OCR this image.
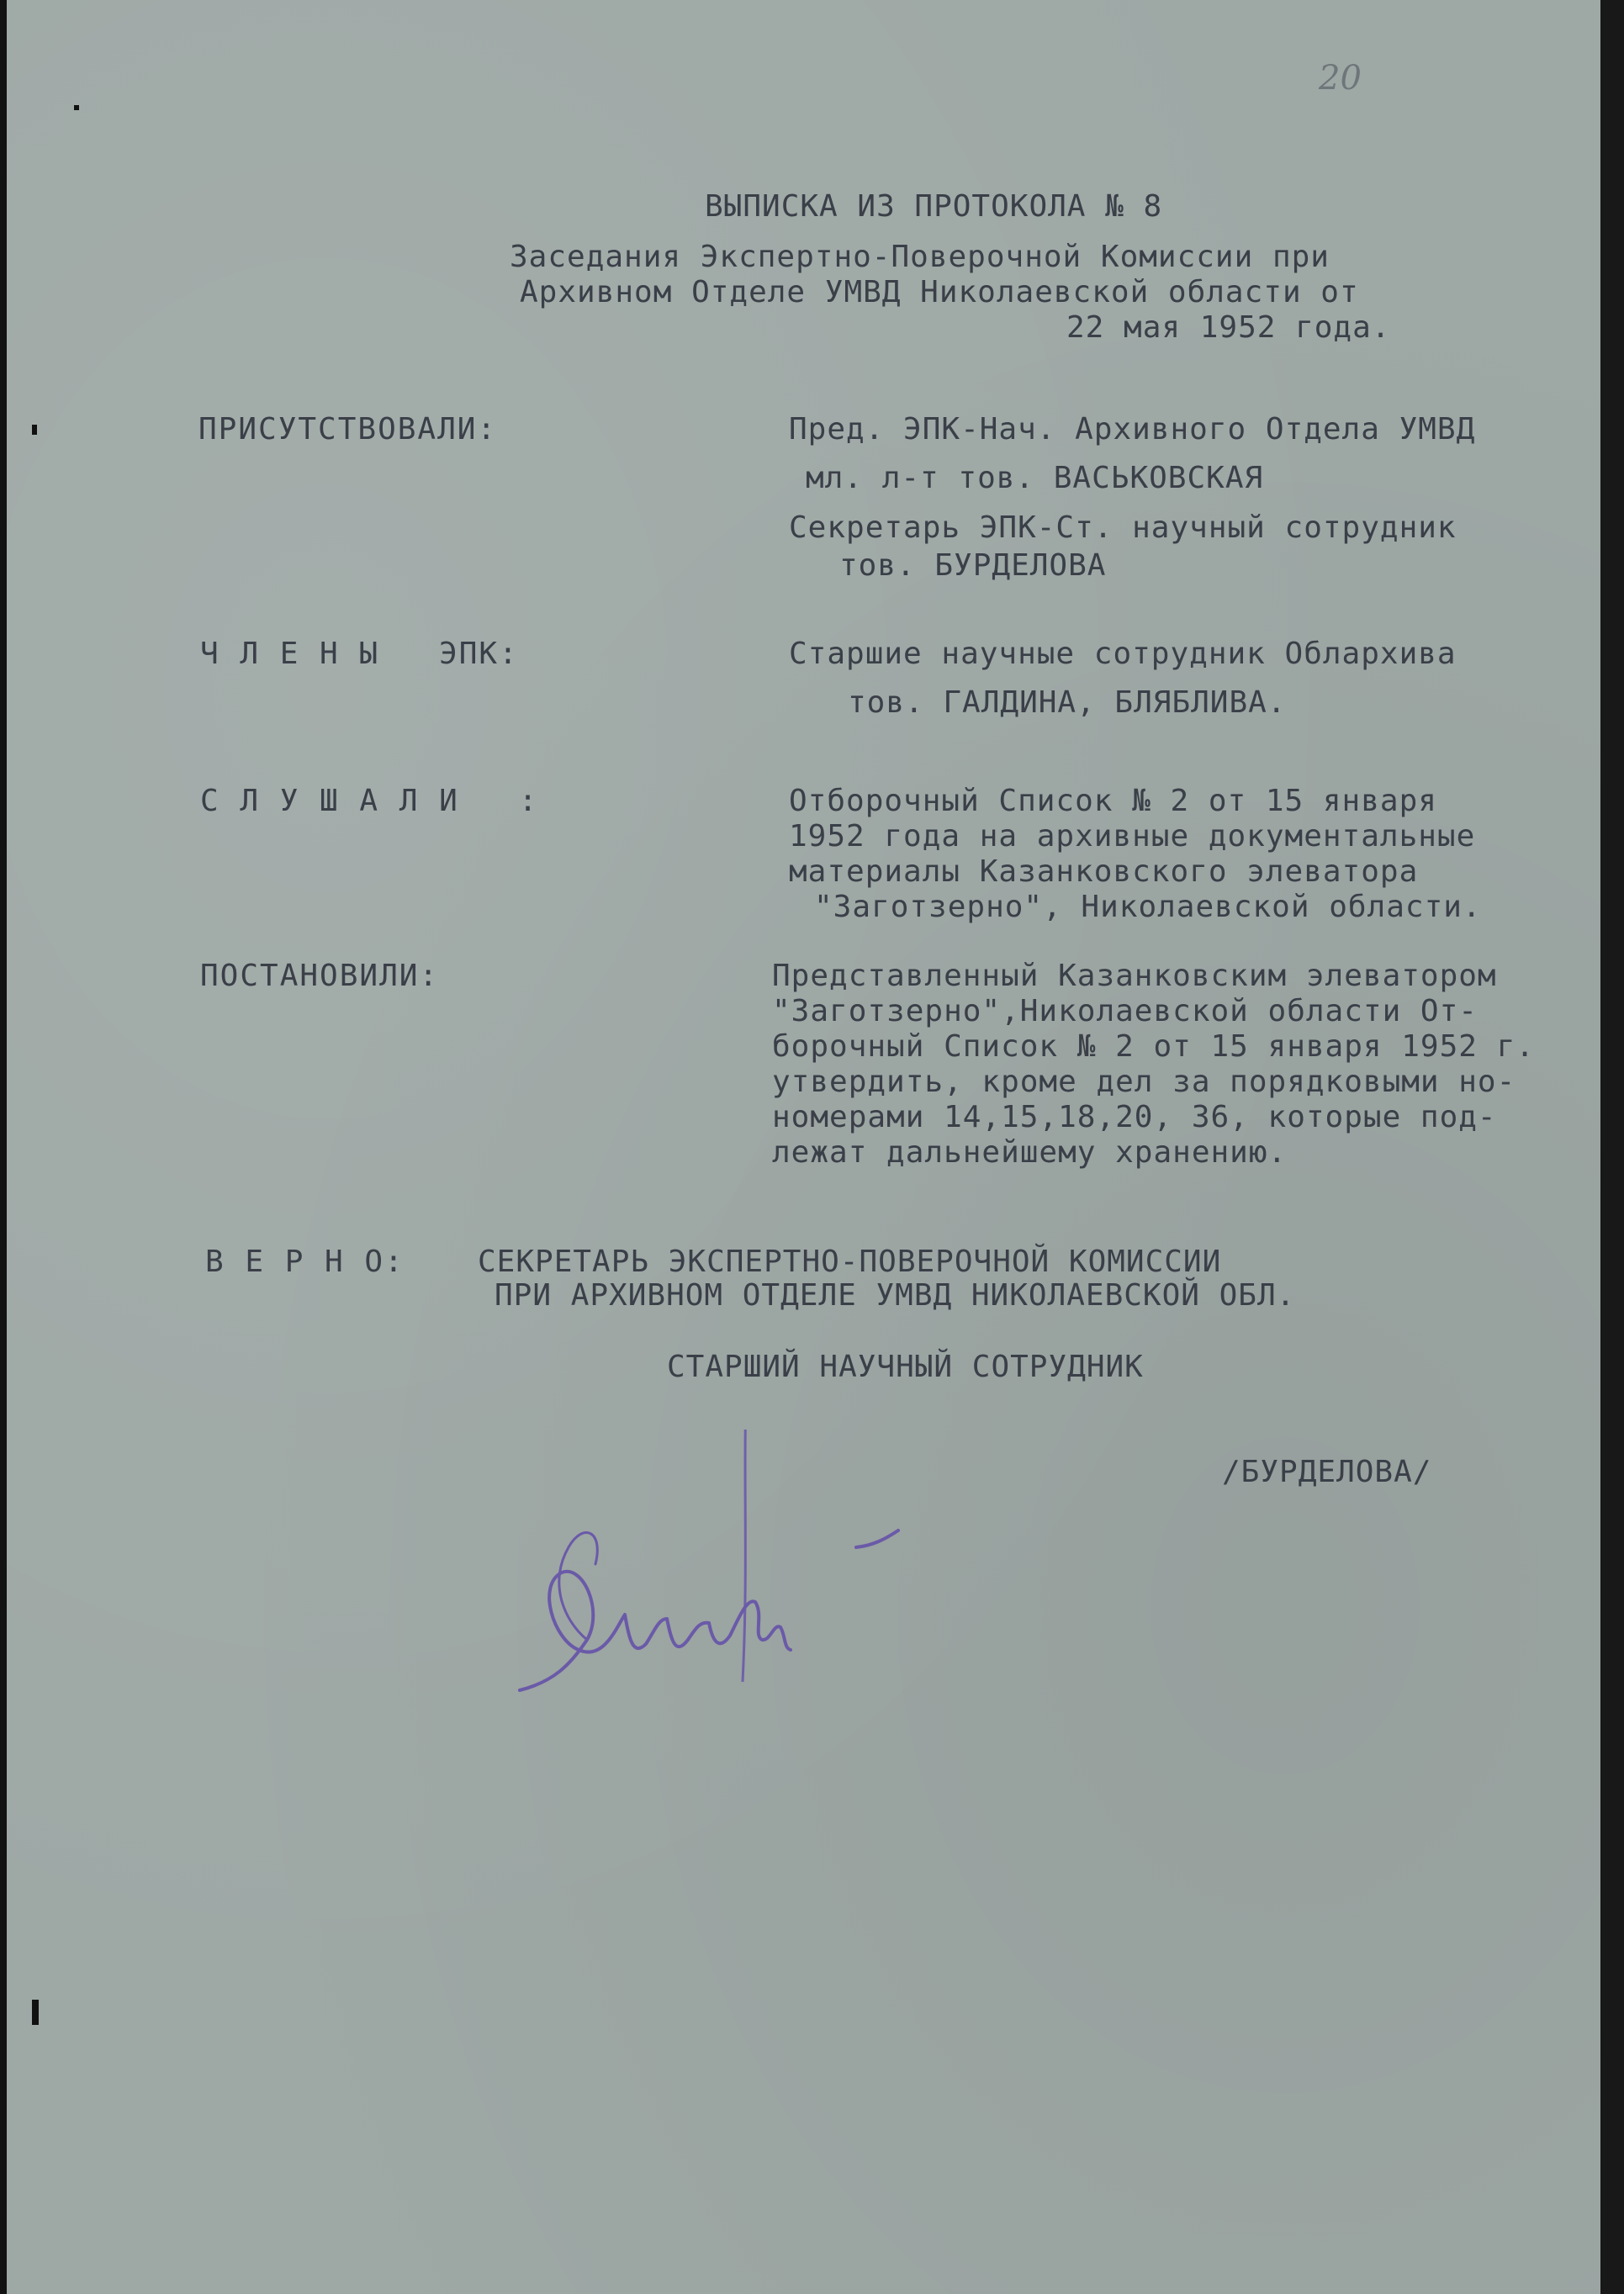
20
ВЫПИСКА ИЗ ПРОТОКОЛА № 8
Заседания Экспертно-Поверочной Комиссии при
Архивном Отделе УМВД Николаевской области от
22 мая 1952 года.
ПРИСУТСТВОВАЛИ:	Пред. ЭПК-Нач. Архивного Отдела УМВД
мл. л-т тов. ВАСЬКОВСКАЯ
Секретарь ЭПК-Ст. научный сотрудник
тов. БУРДЕЛОВА
Ч Л Е Н Ы   ЭПК:	Старшие научные сотрудник Облархива
тов. ГАЛДИНА, БЛЯБЛИВА.
С Л У Ш А Л И   :	Отборочный Список № 2 от 15 января
1952 года на архивные документальные
материалы Казанковского элеватора
"Заготзерно", Николаевской области.
ПОСТАНОВИЛИ:	Представленный Казанковским элеватором
"Заготзерно",Николаевской области От-
борочный Список № 2 от 15 января 1952 г.
утвердить, кроме дел за порядковыми но-
номерами 14,15,18,20, 36, которые под-
лежат дальнейшему хранению.
В Е Р Н О: СЕКРЕТАРЬ ЭКСПЕРТНО-ПОВЕРОЧНОЙ КОМИССИИ
ПРИ АРХИВНОМ ОТДЕЛЕ УМВД НИКОЛАЕВСКОЙ ОБЛ.
СТАРШИЙ НАУЧНЫЙ СОТРУДНИК
/БУРДЕЛОВА/
